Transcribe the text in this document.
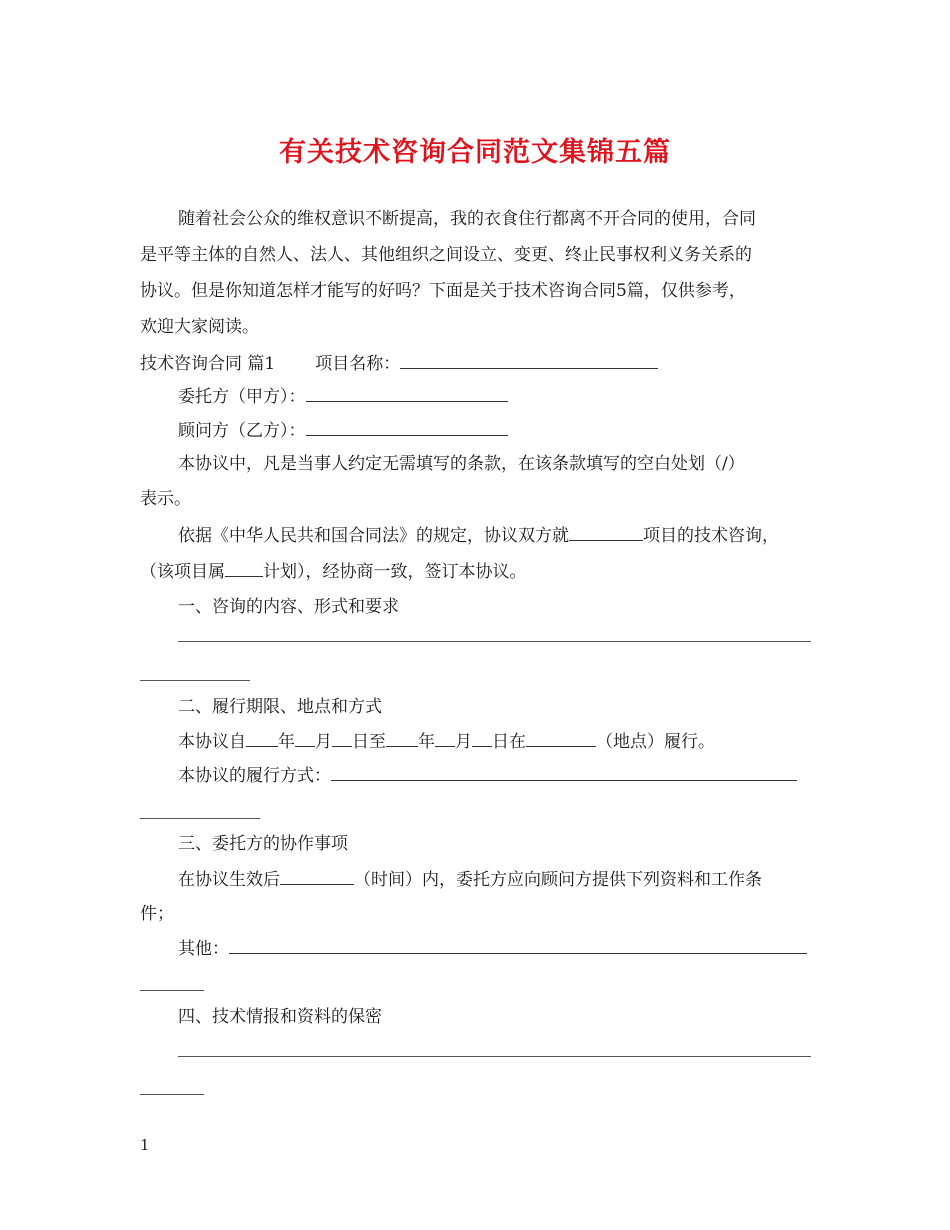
有关技术咨询合同范文集锦五篇
随着社会公众的维权意识不断提高，我的衣食住行都离不开合同的使用，合同
是平等主体的自然人、法人、其他组织之间设立、变更、终止民事权利义务关系的
协议。但是你知道怎样才能写的好吗？下面是关于技术咨询合同5篇，仅供参考，
欢迎大家阅读。
技术咨询合同 篇1 项目名称：
委托方（甲方）：
顾问方（乙方）：
本协议中，凡是当事人约定无需填写的条款，在该条款填写的空白处划（/）
表示。
依据《中华人民共和国合同法》的规定，协议双方就	项目的技术咨询，
（该项目属 计划），经协商一致，签订本协议。
一、咨询的内容、形式和要求
二、履行期限、地点和方式
本协议自 年 月 日至 年 月 日在	（地点）履行。
本协议的履行方式：
三、委托方的协作事项
在协议生效后	（时间）内，委托方应向顾问方提供下列资料和工作条
件；
其他：
四、技术情报和资料的保密
1
